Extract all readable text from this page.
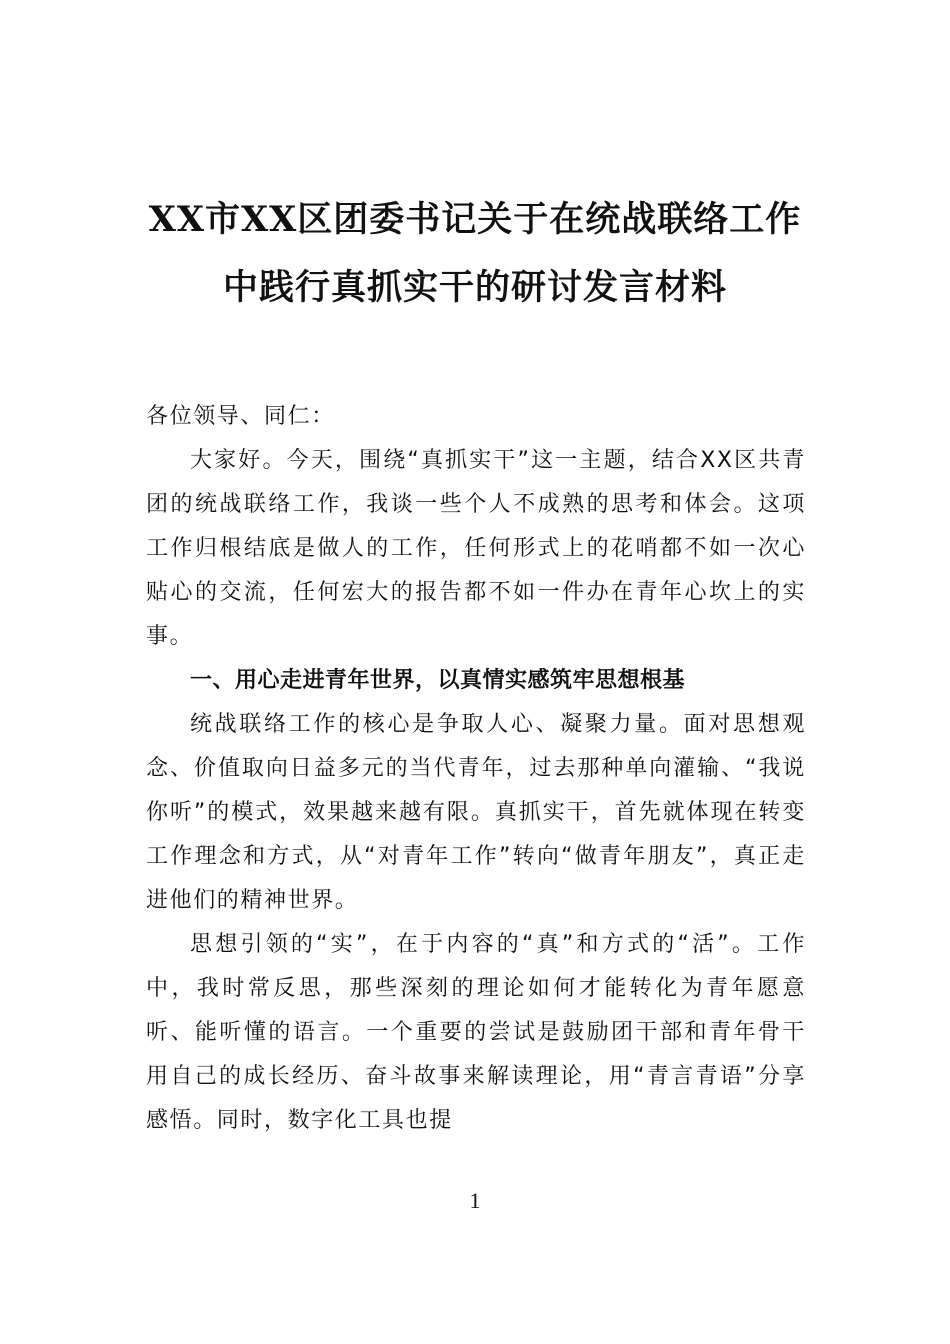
XX市XX区团委书记关于在统战联络工作
中践行真抓实干的研讨发言材料

各位领导、同仁：

大家好。今天，围绕“真抓实干”这一主题，结合XX区共青团的统战联络工作，我谈一些个人不成熟的思考和体会。这项工作归根结底是做人的工作，任何形式上的花哨都不如一次心贴心的交流，任何宏大的报告都不如一件办在青年心坎上的实事。

一、用心走进青年世界，以真情实感筑牢思想根基

统战联络工作的核心是争取人心、凝聚力量。面对思想观念、价值取向日益多元的当代青年，过去那种单向灌输、“我说你听”的模式，效果越来越有限。真抓实干，首先就体现在转变工作理念和方式，从“对青年工作”转向“做青年朋友”，真正走进他们的精神世界。

思想引领的“实”，在于内容的“真”和方式的“活”。工作中，我时常反思，那些深刻的理论如何才能转化为青年愿意听、能听懂的语言。一个重要的尝试是鼓励团干部和青年骨干用自己的成长经历、奋斗故事来解读理论，用“青言青语”分享感悟。同时，数字化工具也提

1
